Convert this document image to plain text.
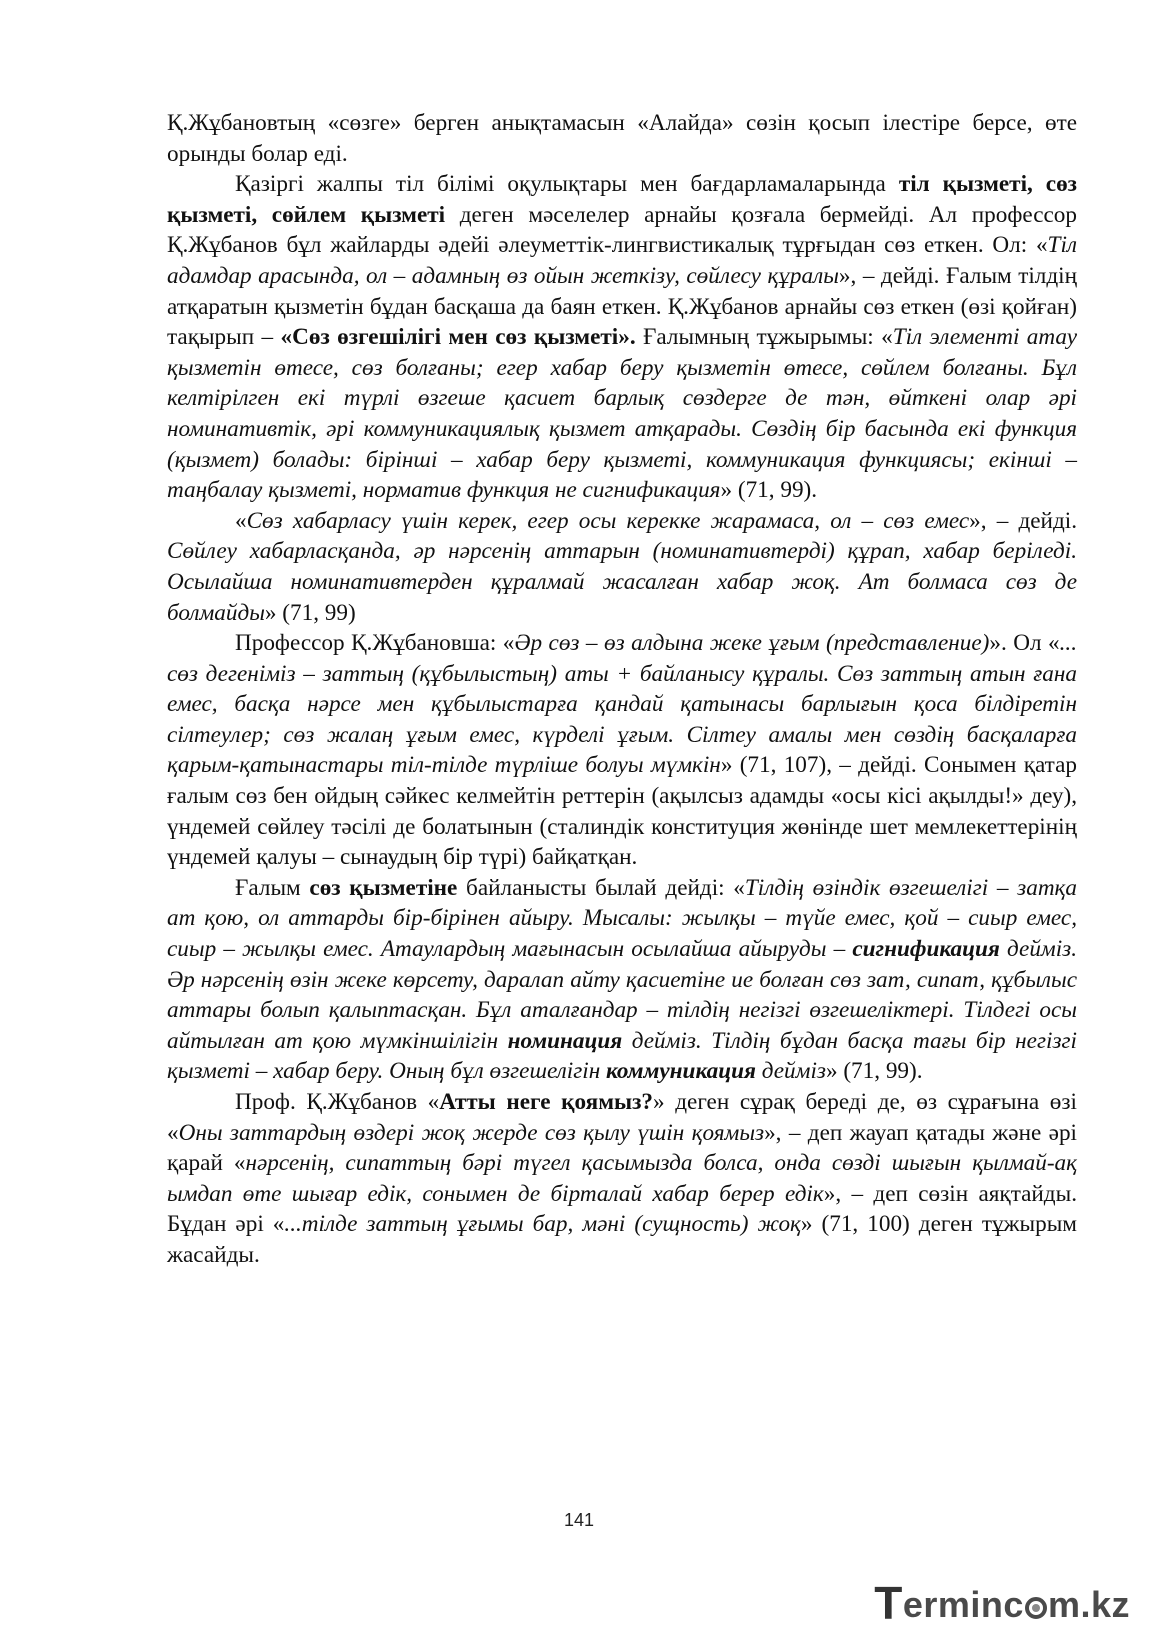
Қ.Жұбановтың «сөзге» берген анықтамасын «Алайда» сөзін қосып ілестіре берсе, өте орынды болар еді.

Қазіргі жалпы тіл білімі оқулықтары мен бағдарламаларында тіл қызметі, сөз қызметі, сөйлем қызметі деген мәселелер арнайы қозғала бермейді. Ал профессор Қ.Жұбанов бұл жайларды әдейі әлеуметтік-лингвистикалық тұрғыдан сөз еткен. Ол: «Тіл адамдар арасында, ол – адамның өз ойын жеткізу, сөйлесу құралы», – дейді. Ғалым тілдің атқаратын қызметін бұдан басқаша да баян еткен. Қ.Жұбанов арнайы сөз еткен (өзі қойған) тақырып – «Сөз өзгешілігі мен сөз қызметі». Ғалымның тұжырымы: «Тіл элементі атау қызметін өтесе, сөз болғаны; егер хабар беру қызметін өтесе, сөйлем болғаны. Бұл келтірілген екі түрлі өзгеше қасиет барлық сөздерге де тән, өйткені олар әрі номинативтік, әрі коммуникациялық қызмет атқарады. Сөздің бір басында екі функция (қызмет) болады: бірінші – хабар беру қызметі, коммуникация функциясы; екінші – таңбалау қызметі, норматив функция не сигнификация» (71, 99).

«Сөз хабарласу үшін керек, егер осы керекке жарамаса, ол – сөз емес», – дейді. Сөйлеу хабарласқанда, әр нәрсенің аттарын (номинативтерді) құрап, хабар беріледі. Осылайша номинативтерден құралмай жасалған хабар жоқ. Ат болмаса сөз де болмайды» (71, 99)

Профессор Қ.Жұбановша: «Әр сөз – өз алдына жеке ұғым (представление)». Ол «... сөз дегеніміз – заттың (құбылыстың) аты + байланысу құралы. Сөз заттың атын ғана емес, басқа нәрсе мен құбылыстарға қандай қатынасы барлығын қоса білдіретін сілтеулер; сөз жалаң ұғым емес, күрделі ұғым. Сілтеу амалы мен сөздің басқаларға қарым-қатынастары тіл-тілде түрліше болуы мүмкін» (71, 107), – дейді. Сонымен қатар ғалым сөз бен ойдың сәйкес келмейтін реттерін (ақылсыз адамды «осы кісі ақылды!» деу), үндемей сөйлеу тәсілі де болатынын (сталиндік конституция жөнінде шет мемлекеттерінің үндемей қалуы – сынаудың бір түрі) байқатқан.

Ғалым сөз қызметіне байланысты былай дейді: «Тілдің өзіндік өзгешелігі – затқа ат қою, ол аттарды бір-бірінен айыру. Мысалы: жылқы – түйе емес, қой – сиыр емес, сиыр – жылқы емес. Атаулардың мағынасын осылайша айыруды – сигнификация дейміз. Әр нәрсенің өзін жеке көрсету, даралап айту қасиетіне ие болған сөз зат, сипат, құбылыс аттары болып қалыптасқан. Бұл аталғандар – тілдің негізгі өзгешеліктері. Тілдегі осы айтылған ат қою мүмкіншілігін номинация дейміз. Тілдің бұдан басқа тағы бір негізгі қызметі – хабар беру. Оның бұл өзгешелігін коммуникация дейміз» (71, 99).

Проф. Қ.Жұбанов «Атты неге қоямыз?» деген сұрақ береді де, өз сұрағына өзі «Оны заттардың өздері жоқ жерде сөз қылу үшін қоямыз», – деп жауап қатады және әрі қарай «нәрсенің, сипаттың бәрі түгел қасымызда болса, онда сөзді шығын қылмай-ақ ымдап өте шығар едік, сонымен де бірталай хабар берер едік», – деп сөзін аяқтайды. Бұдан әрі «...тілде заттың ұғымы бар, мәні (сущность) жоқ» (71, 100) деген тұжырым жасайды.

141
T erminc m.kz
